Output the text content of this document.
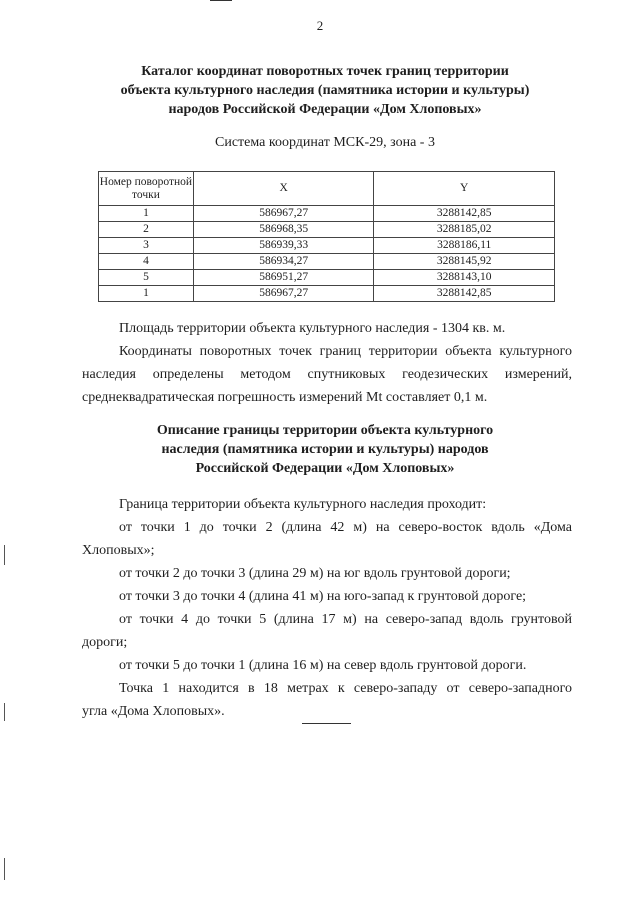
2
Каталог координат поворотных точек границ территории
объекта культурного наследия (памятника истории и культуры)
народов Российской Федерации «Дом Хлоповых»
Система координат МСК-29, зона - 3
Номер поворотной точки	X	Y
1	586967,27	3288142,85
2	586968,35	3288185,02
3	586939,33	3288186,11
4	586934,27	3288145,92
5	586951,27	3288143,10
1	586967,27	3288142,85
Площадь территории объекта культурного наследия - 1304 кв. м.
Координаты поворотных точек границ территории объекта культурного
наследия определены методом спутниковых геодезических измерений,
среднеквадратическая погрешность измерений Mt составляет 0,1 м.
Описание границы территории объекта культурного
наследия (памятника истории и культуры) народов
Российской Федерации «Дом Хлоповых»
Граница территории объекта культурного наследия проходит:
от точки 1 до точки 2 (длина 42 м) на северо-восток вдоль «Дома
Хлоповых»;
от точки 2 до точки 3 (длина 29 м) на юг вдоль грунтовой дороги;
от точки 3 до точки 4 (длина 41 м) на юго-запад к грунтовой дороге;
от точки 4 до точки 5 (длина 17 м) на северо-запад вдоль грунтовой
дороги;
от точки 5 до точки 1 (длина 16 м) на север вдоль грунтовой дороги.
Точка 1 находится в 18 метрах к северо-западу от северо-западного
угла «Дома Хлоповых».
